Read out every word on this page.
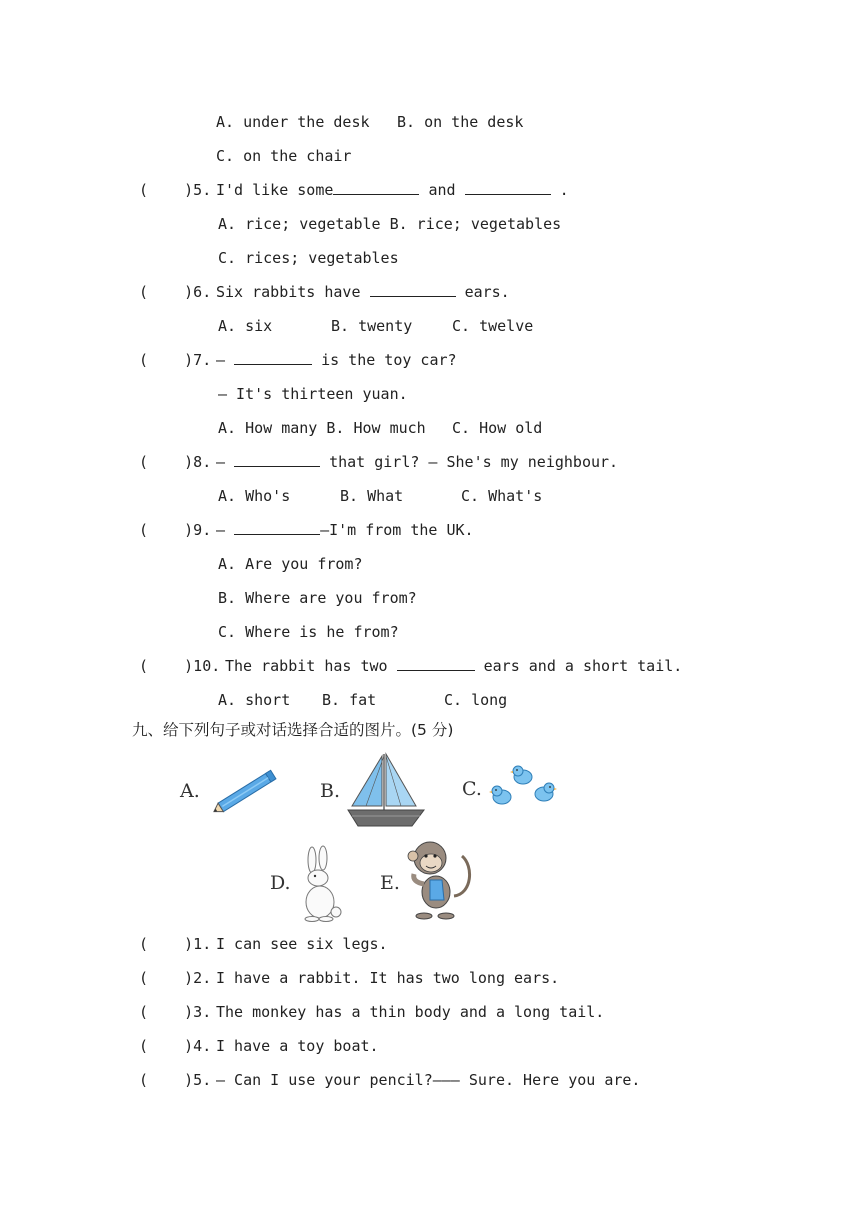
A. under the desk B. on the desk
C. on the chair
(    )5. I'd like some	and	.
A. rice; vegetable B. rice; vegetables
C. rices; vegetables
(    )6. Six rabbits have	ears.
A. six	B. twenty	C. twelve
(    )7. —	is the toy car?
— It's thirteen yuan.
A. How many B. How much C. How old
(    )8. —	that girl? — She's my neighbour.
A. Who's	B. What	C. What's
(    )9. —	—I'm from the UK.
A. Are you from?
B. Where are you from?
C. Where is he from?
(    )10. The rabbit has two	ears and a short tail.
A. short B. fat	C. long
九、给下列句子或对话选择合适的图片。(5 分)
A.	B.	C.
D.	E.
(    )1. I can see six legs.
(    )2. I have a rabbit. It has two long ears.
(    )3. The monkey has a thin body and a long tail.
(    )4. I have a toy boat.
(    )5. — Can I use your pencil?——— Sure. Here you are.
